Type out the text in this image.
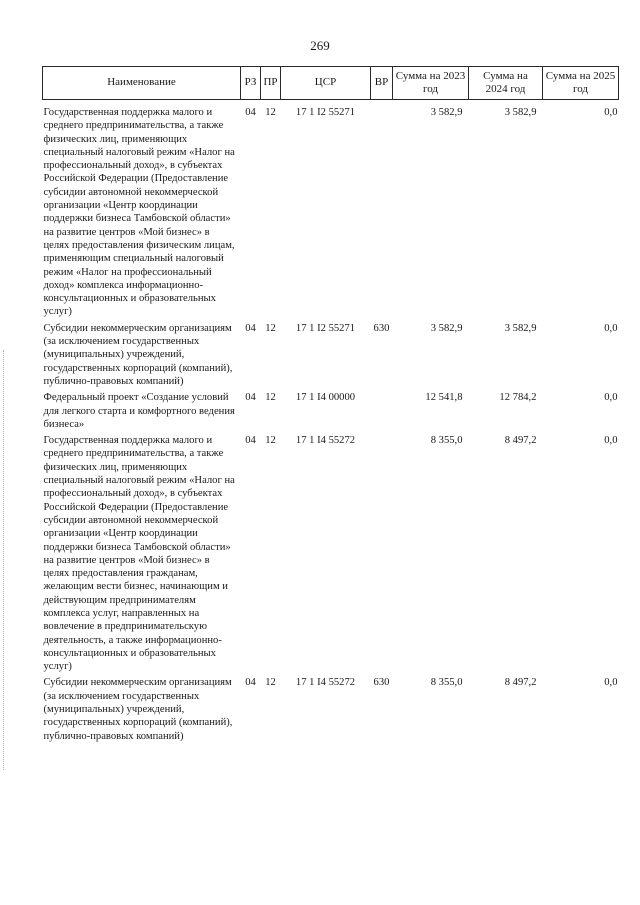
269
Наименование	РЗ	ПР	ЦСР	ВР	Сумма на 2023 год	Сумма на 2024 год	Сумма на 2025 год

Государственная поддержка малого и среднего предпринимательства, а также физических лиц, применяющих специальный налоговый режим «Налог на профессиональный доход», в субъектах Российской Федерации (Предоставление субсидии автономной некоммерческой организации «Центр координации поддержки бизнеса Тамбовской области» на развитие центров «Мой бизнес» в целях предоставления физическим лицам, применяющим специальный налоговый режим «Налог на профессиональный доход» комплекса информационно-консультационных и образовательных услуг)	04	12	17 1 I2 55271		3 582,9	3 582,9	0,0
Субсидии некоммерческим организациям (за исключением государственных (муниципальных) учреждений, государственных корпораций (компаний), публично-правовых компаний)	04	12	17 1 I2 55271	630	3 582,9	3 582,9	0,0
Федеральный проект «Создание условий для легкого старта и комфортного ведения бизнеса»	04	12	17 1 I4 00000		12 541,8	12 784,2	0,0
Государственная поддержка малого и среднего предпринимательства, а также физических лиц, применяющих специальный налоговый режим «Налог на профессиональный доход», в субъектах Российской Федерации (Предоставление субсидии автономной некоммерческой организации «Центр координации поддержки бизнеса Тамбовской области» на развитие центров «Мой бизнес» в целях предоставления гражданам, желающим вести бизнес, начинающим и действующим предпринимателям комплекса услуг, направленных на вовлечение в предпринимательскую деятельность, а также информационно-консультационных и образовательных услуг)	04	12	17 1 I4 55272		8 355,0	8 497,2	0,0
Субсидии некоммерческим организациям (за исключением государственных (муниципальных) учреждений, государственных корпораций (компаний), публично-правовых компаний)	04	12	17 1 I4 55272	630	8 355,0	8 497,2	0,0
